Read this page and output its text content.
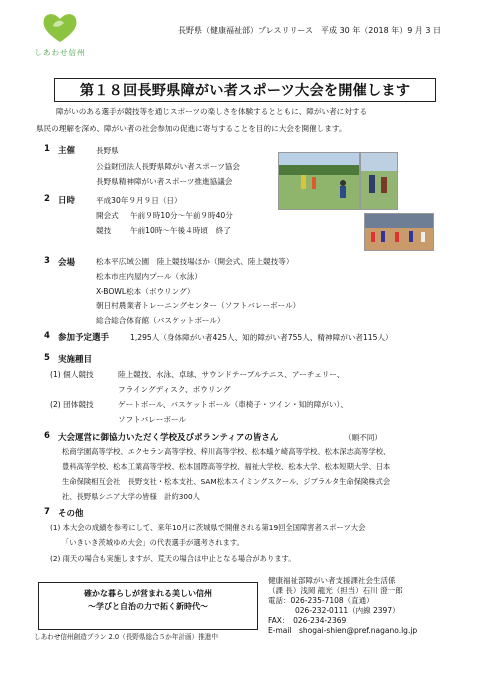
しあわせ信州
長野県（健康福祉部）プレスリリース　平成 30 年（2018 年）9 月 3 日
第１８回長野県障がい者スポーツ大会を開催します
障がいのある選手が競技等を通じスポーツの楽しさを体験するとともに、障がい者に対する
県民の理解を深め、障がい者の社会参加の促進に寄与することを目的に大会を開催します。
1 主催	長野県
公益財団法人長野県障がい者スポーツ協会
長野県精神障がい者スポーツ推進協議会
2 日時	平成30年９月９日（日）
開会式 午前９時10分～午前９時40分
競技 午前10時～午後４時頃　終了
3 会場	松本平広域公園　陸上競技場ほか（開会式、陸上競技等）
松本市庄内屋内プール（水泳）
X-BOWL松本（ボウリング）
朝日村農業者トレーニングセンター（ソフトバレーボール）
総合総合体育館（バスケットボール）
4 参加予定選手	1,295人（身体障がい者425人、知的障がい者755人、精神障がい者115人）
5 実施種目
(1) 個人競技	陸上競技、水泳、卓球、サウンドテーブルテニス、アーチェリー、
フライングディスク、ボウリング
(2) 団体競技	ゲートボール、バスケットボール（車椅子・ツイン・知的障がい）、
ソフトバレーボール
6 大会運営に御協力いただく学校及びボランティアの皆さん	（順不同）
松商学園高等学校、エクセラン高等学校、梓川高等学校、松本蟻ケ崎高等学校、松本深志高等学校、
豊科高等学校、松本工業高等学校、松本国際高等学校、福祉大学校、松本大学、松本短期大学、日本
生命保険相互会社　長野支社・松本支社、SAM松本スイミングスクール、ジブラルタ生命保険株式会
社、長野県シニア大学の皆様　計約300人
7 その他
(1) 本大会の成績を参考にして、来年10月に茨城県で開催される第19回全国障害者スポーツ大会
「いきいき茨城ゆめ大会」の代表選手が選考されます。
(2) 雨天の場合も実施しますが、荒天の場合は中止となる場合があります。
確かな暮らしが営まれる美しい信州
～学びと自治の力で拓く新時代～
しあわせ信州創造プラン 2.0（長野県総合５か年計画）推進中
健康福祉部障がい者支援課社会生活係
（課 長）浅岡 龍光（担当）石川 澄一郎
電話：026-235-7108（直通）
026-232-0111（内線 2397）
FAX：　026-234-2369
E-mail　shogai-shien@pref.nagano.lg.jp
